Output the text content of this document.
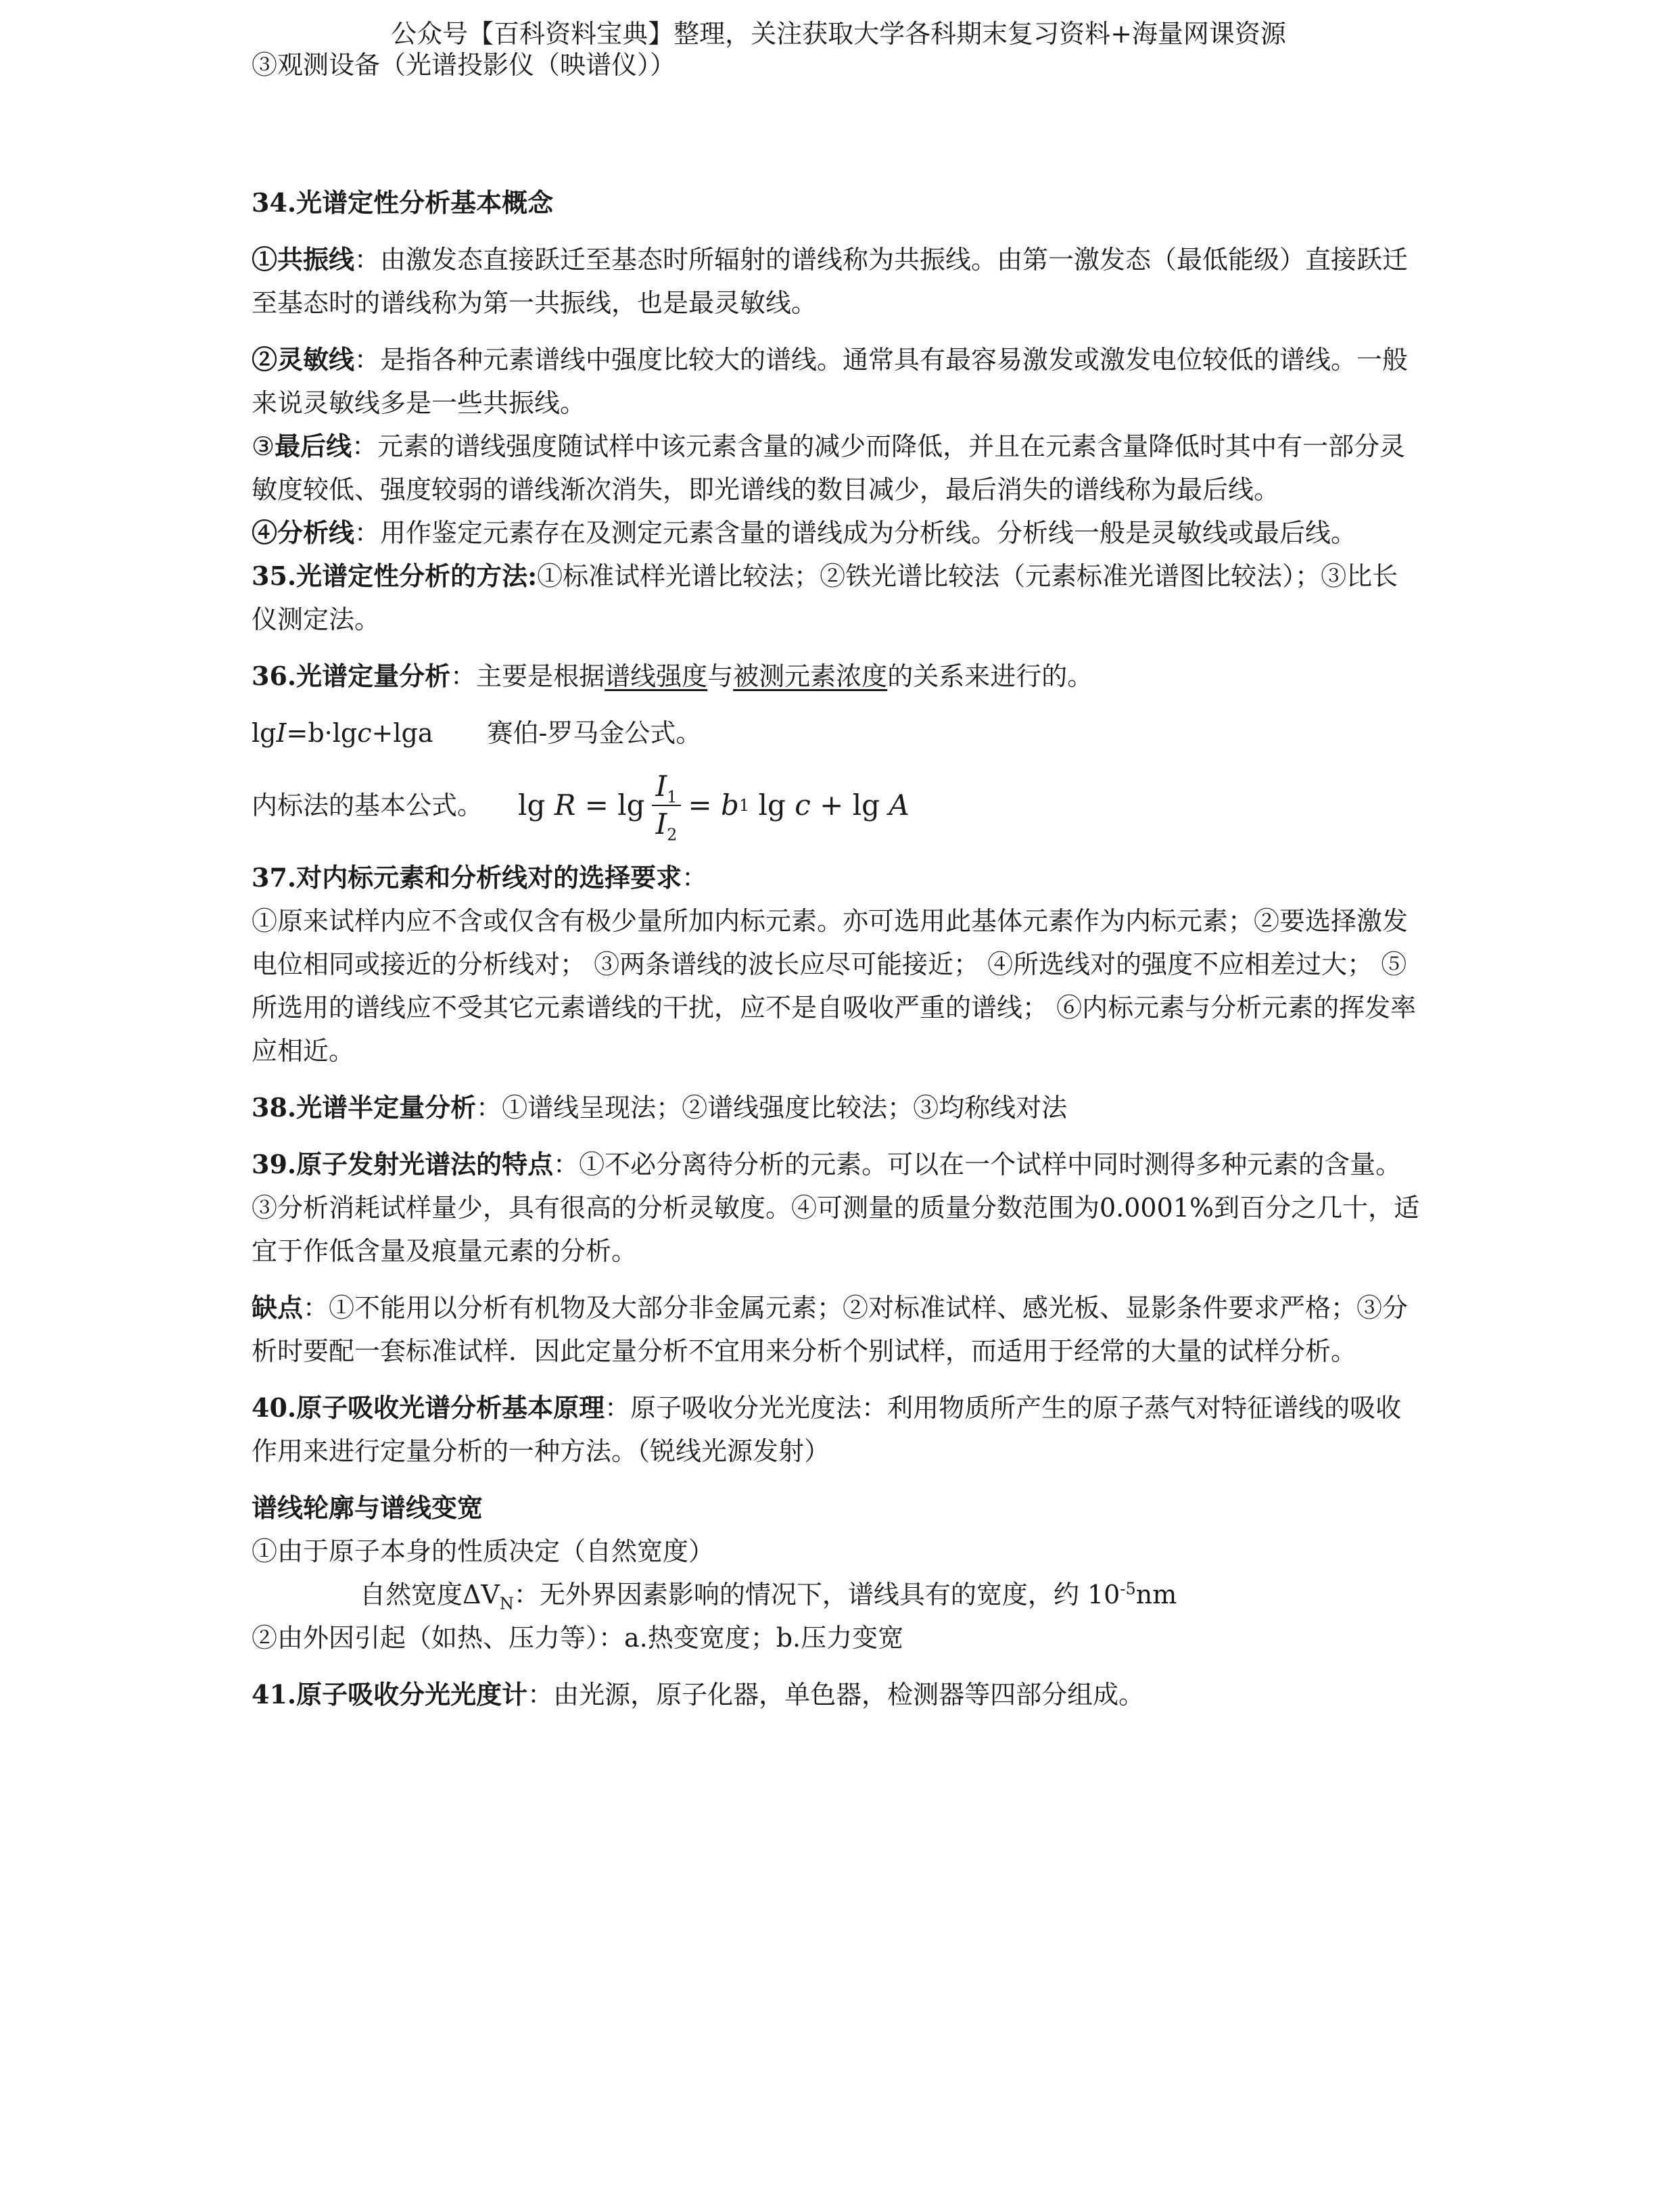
公众号【百科资料宝典】整理，关注获取大学各科期末复习资料+海量网课资源

③观测设备（光谱投影仪（映谱仪））

34.光谱定性分析基本概念

①共振线：由激发态直接跃迁至基态时所辐射的谱线称为共振线。由第一激发态（最低能级）直接跃迁至基态时的谱线称为第一共振线，也是最灵敏线。

②灵敏线：是指各种元素谱线中强度比较大的谱线。通常具有最容易激发或激发电位较低的谱线。一般来说灵敏线多是一些共振线。

③最后线：元素的谱线强度随试样中该元素含量的减少而降低，并且在元素含量降低时其中有一部分灵敏度较低、强度较弱的谱线渐次消失，即光谱线的数目减少，最后消失的谱线称为最后线。

④分析线：用作鉴定元素存在及测定元素含量的谱线成为分析线。分析线一般是灵敏线或最后线。

35.光谱定性分析的方法:①标准试样光谱比较法；②铁光谱比较法（元素标准光谱图比较法）；③比长仪测定法。

36.光谱定量分析：主要是根据谱线强度与被测元素浓度的关系来进行的。

lgI=b·lgc+lga 赛伯-罗马金公式。

内标法的基本公式。 lg
R
= $\lg \frac{I_1}{I_2}$ =
b 1
lg
c
+ lg
A

37.对内标元素和分析线对的选择要求：

①原来试样内应不含或仅含有极少量所加内标元素。亦可选用此基体元素作为内标元素；②要选择激发电位相同或接近的分析线对； ③两条谱线的波长应尽可能接近； ④所选线对的强度不应相差过大； ⑤所选用的谱线应不受其它元素谱线的干扰，应不是自吸收严重的谱线； ⑥内标元素与分析元素的挥发率应相近。

38.光谱半定量分析：①谱线呈现法；②谱线强度比较法；③均称线对法

39.原子发射光谱法的特点：①不必分离待分析的元素。可以在一个试样中同时测得多种元素的含量。③分析消耗试样量少，具有很高的分析灵敏度。④可测量的质量分数范围为0.0001%到百分之几十，适宜于作低含量及痕量元素的分析。

缺点：①不能用以分析有机物及大部分非金属元素；②对标准试样、感光板、显影条件要求严格；③分析时要配一套标准试样．因此定量分析不宜用来分析个别试样，而适用于经常的大量的试样分析。

40.原子吸收光谱分析基本原理：原子吸收分光光度法：利用物质所产生的原子蒸气对特征谱线的吸收作用来进行定量分析的一种方法。（锐线光源发射）

谱线轮廓与谱线变宽

①由于原子本身的性质决定（自然宽度）

自然宽度$\Delta V_N$：无外界因素影响的情况下，谱线具有的宽度，约 $10^{-5}nm$

②由外因引起（如热、压力等）：a.热变宽度；b.压力变宽

41.原子吸收分光光度计：由光源，原子化器，单色器，检测器等四部分组成。
